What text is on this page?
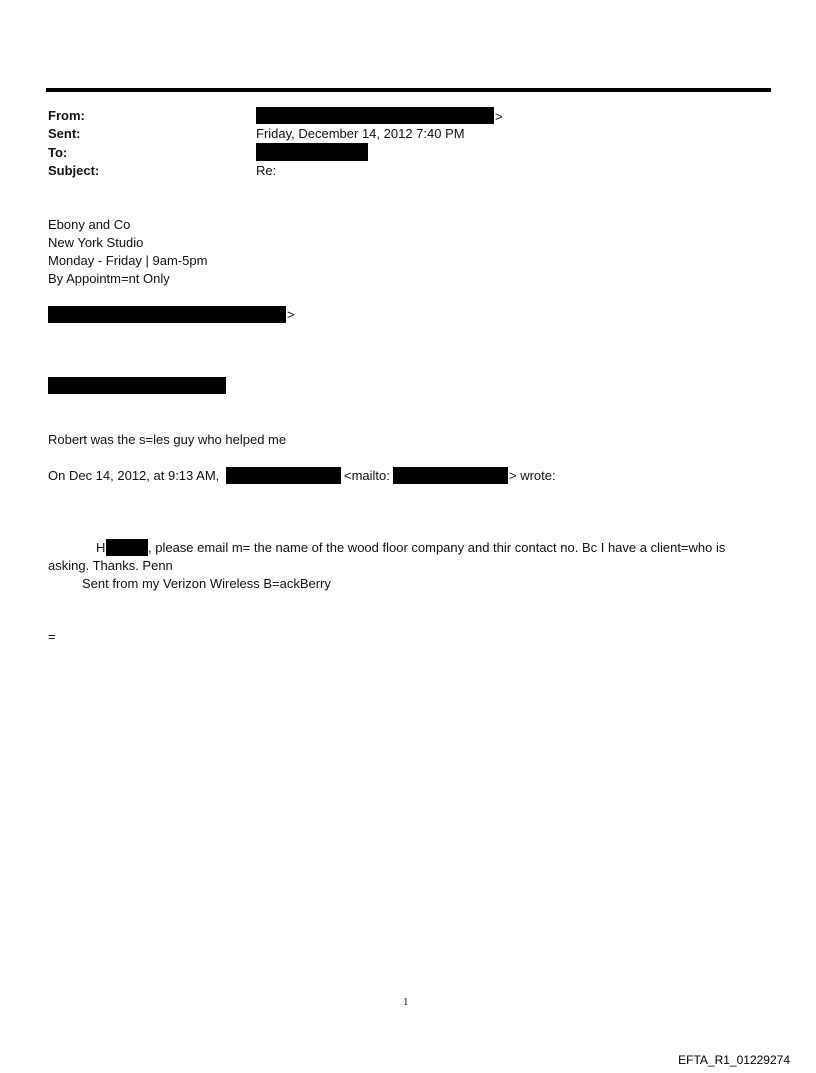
From:	>
Sent:	Friday, December 14, 2012 7:40 PM
To:
Subject:	Re:
Ebony and Co
New York Studio
Monday - Friday | 9am-5pm
By Appointm=nt Only
>
Robert was the s=les guy who helped me
On Dec 14, 2012, at 9:13 AM,	<mailto:	> wrote:
H	, please email m= the name of the wood floor company and thir contact no. Bc I have a client=who is
asking. Thanks. Penn
Sent from my Verizon Wireless B=ackBerry
=
1
EFTA_R1_01229274
